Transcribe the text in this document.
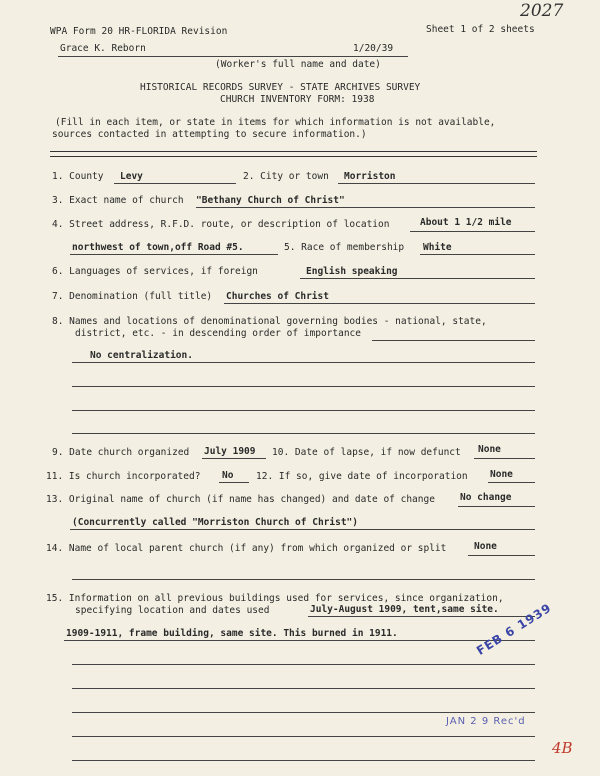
WPA Form 20 HR-FLORIDA Revision	Sheet 1 of 2 sheets
2027
Grace K. Reborn	1/20/39
(Worker's full name and date)
HISTORICAL RECORDS SURVEY - STATE ARCHIVES SURVEY
CHURCH INVENTORY FORM: 1938
(Fill in each item, or state in items for which information is not available,
sources contacted in attempting to secure information.)
1. County Levy	2. City or town Morriston
3. Exact name of church "Bethany Church of Christ"
4. Street address, R.F.D. route, or description of location	About 1 1/2 mile
northwest of town,off Road #5.	5. Race of membership White
6. Languages of services, if foreign	English speaking
7. Denomination (full title) Churches of Christ
8. Names and locations of denominational governing bodies - national, state,
district, etc. - in descending order of importance
No centralization.
9. Date church organized July 1909 10. Date of lapse, if now defunct None
11. Is church incorporated? No 12. If so, give date of incorporation None
13. Original name of church (if name has changed) and date of change	No change
(Concurrently called "Morriston Church of Christ")
14. Name of local parent church (if any) from which organized or split	None
15. Information on all previous buildings used for services, since organization,
specifying location and dates used	July-August 1909, tent,same site.
1909-1911, frame building, same site. This burned in 1911.	FEB 6 1939
JAN 2 9 Rec'd
4B
